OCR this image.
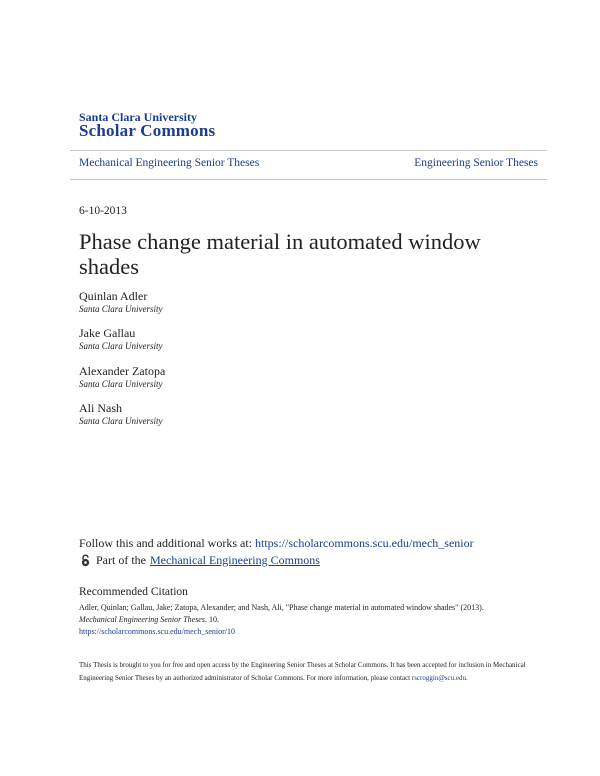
Santa Clara University
Scholar Commons
Mechanical Engineering Senior Theses	Engineering Senior Theses
6-10-2013
Phase change material in automated window shades
Quinlan Adler
Santa Clara University
Jake Gallau
Santa Clara University
Alexander Zatopa
Santa Clara University
Ali Nash
Santa Clara University
Follow this and additional works at: https://scholarcommons.scu.edu/mech_senior
Part of the Mechanical Engineering Commons
Recommended Citation
Adler, Quinlan; Gallau, Jake; Zatopa, Alexander; and Nash, Ali, "Phase change material in automated window shades" (2013).
Mechanical Engineering Senior Theses. 10.
https://scholarcommons.scu.edu/mech_senior/10
This Thesis is brought to you for free and open access by the Engineering Senior Theses at Scholar Commons. It has been accepted for inclusion in Mechanical Engineering Senior Theses by an authorized administrator of Scholar Commons. For more information, please contact rscroggin@scu.edu.
